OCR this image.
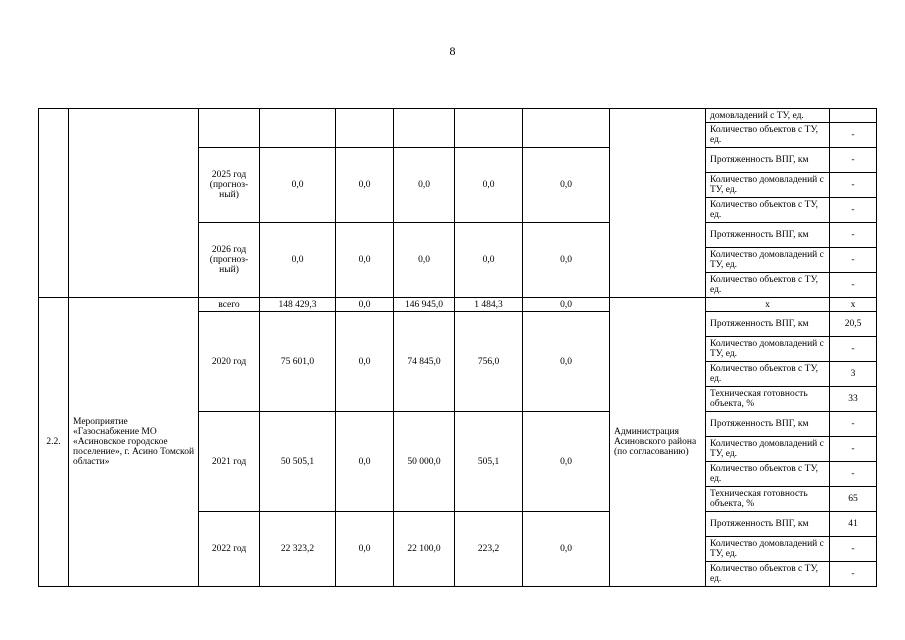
8
									домовладений с ТУ, ед.	
									Количество объектов с ТУ, ед.	-
		2025 год (прогноз- ный)	0,0	0,0	0,0	0,0	0,0		Протяженность ВПГ, км	-
									Количество домовладений с ТУ, ед.	-
									Количество объектов с ТУ, ед.	-
		2026 год (прогноз- ный)	0,0	0,0	0,0	0,0	0,0		Протяженность ВПГ, км	-
									Количество домовладений с ТУ, ед.	-
									Количество объектов с ТУ, ед.	-
2.2.	Мероприятие «Газоснабжение МО «Асиновское городское поселение», г. Асино Томской области»	всего	148 429,3	0,0	146 945,0	1 484,3	0,0	Администрация Асиновского района (по согласованию)	х	х
		2020 год	75 601,0	0,0	74 845,0	756,0	0,0		Протяженность ВПГ, км	20,5
									Количество домовладений с ТУ, ед.	-
									Количество объектов с ТУ, ед.	3
									Техническая готовность объекта, %	33
		2021 год	50 505,1	0,0	50 000,0	505,1	0,0		Протяженность ВПГ, км	-
									Количество домовладений с ТУ, ед.	-
									Количество объектов с ТУ, ед.	-
									Техническая готовность объекта, %	65
		2022 год	22 323,2	0,0	22 100,0	223,2	0,0		Протяженность ВПГ, км	41
									Количество домовладений с ТУ, ед.	-
									Количество объектов с ТУ, ед.	-
